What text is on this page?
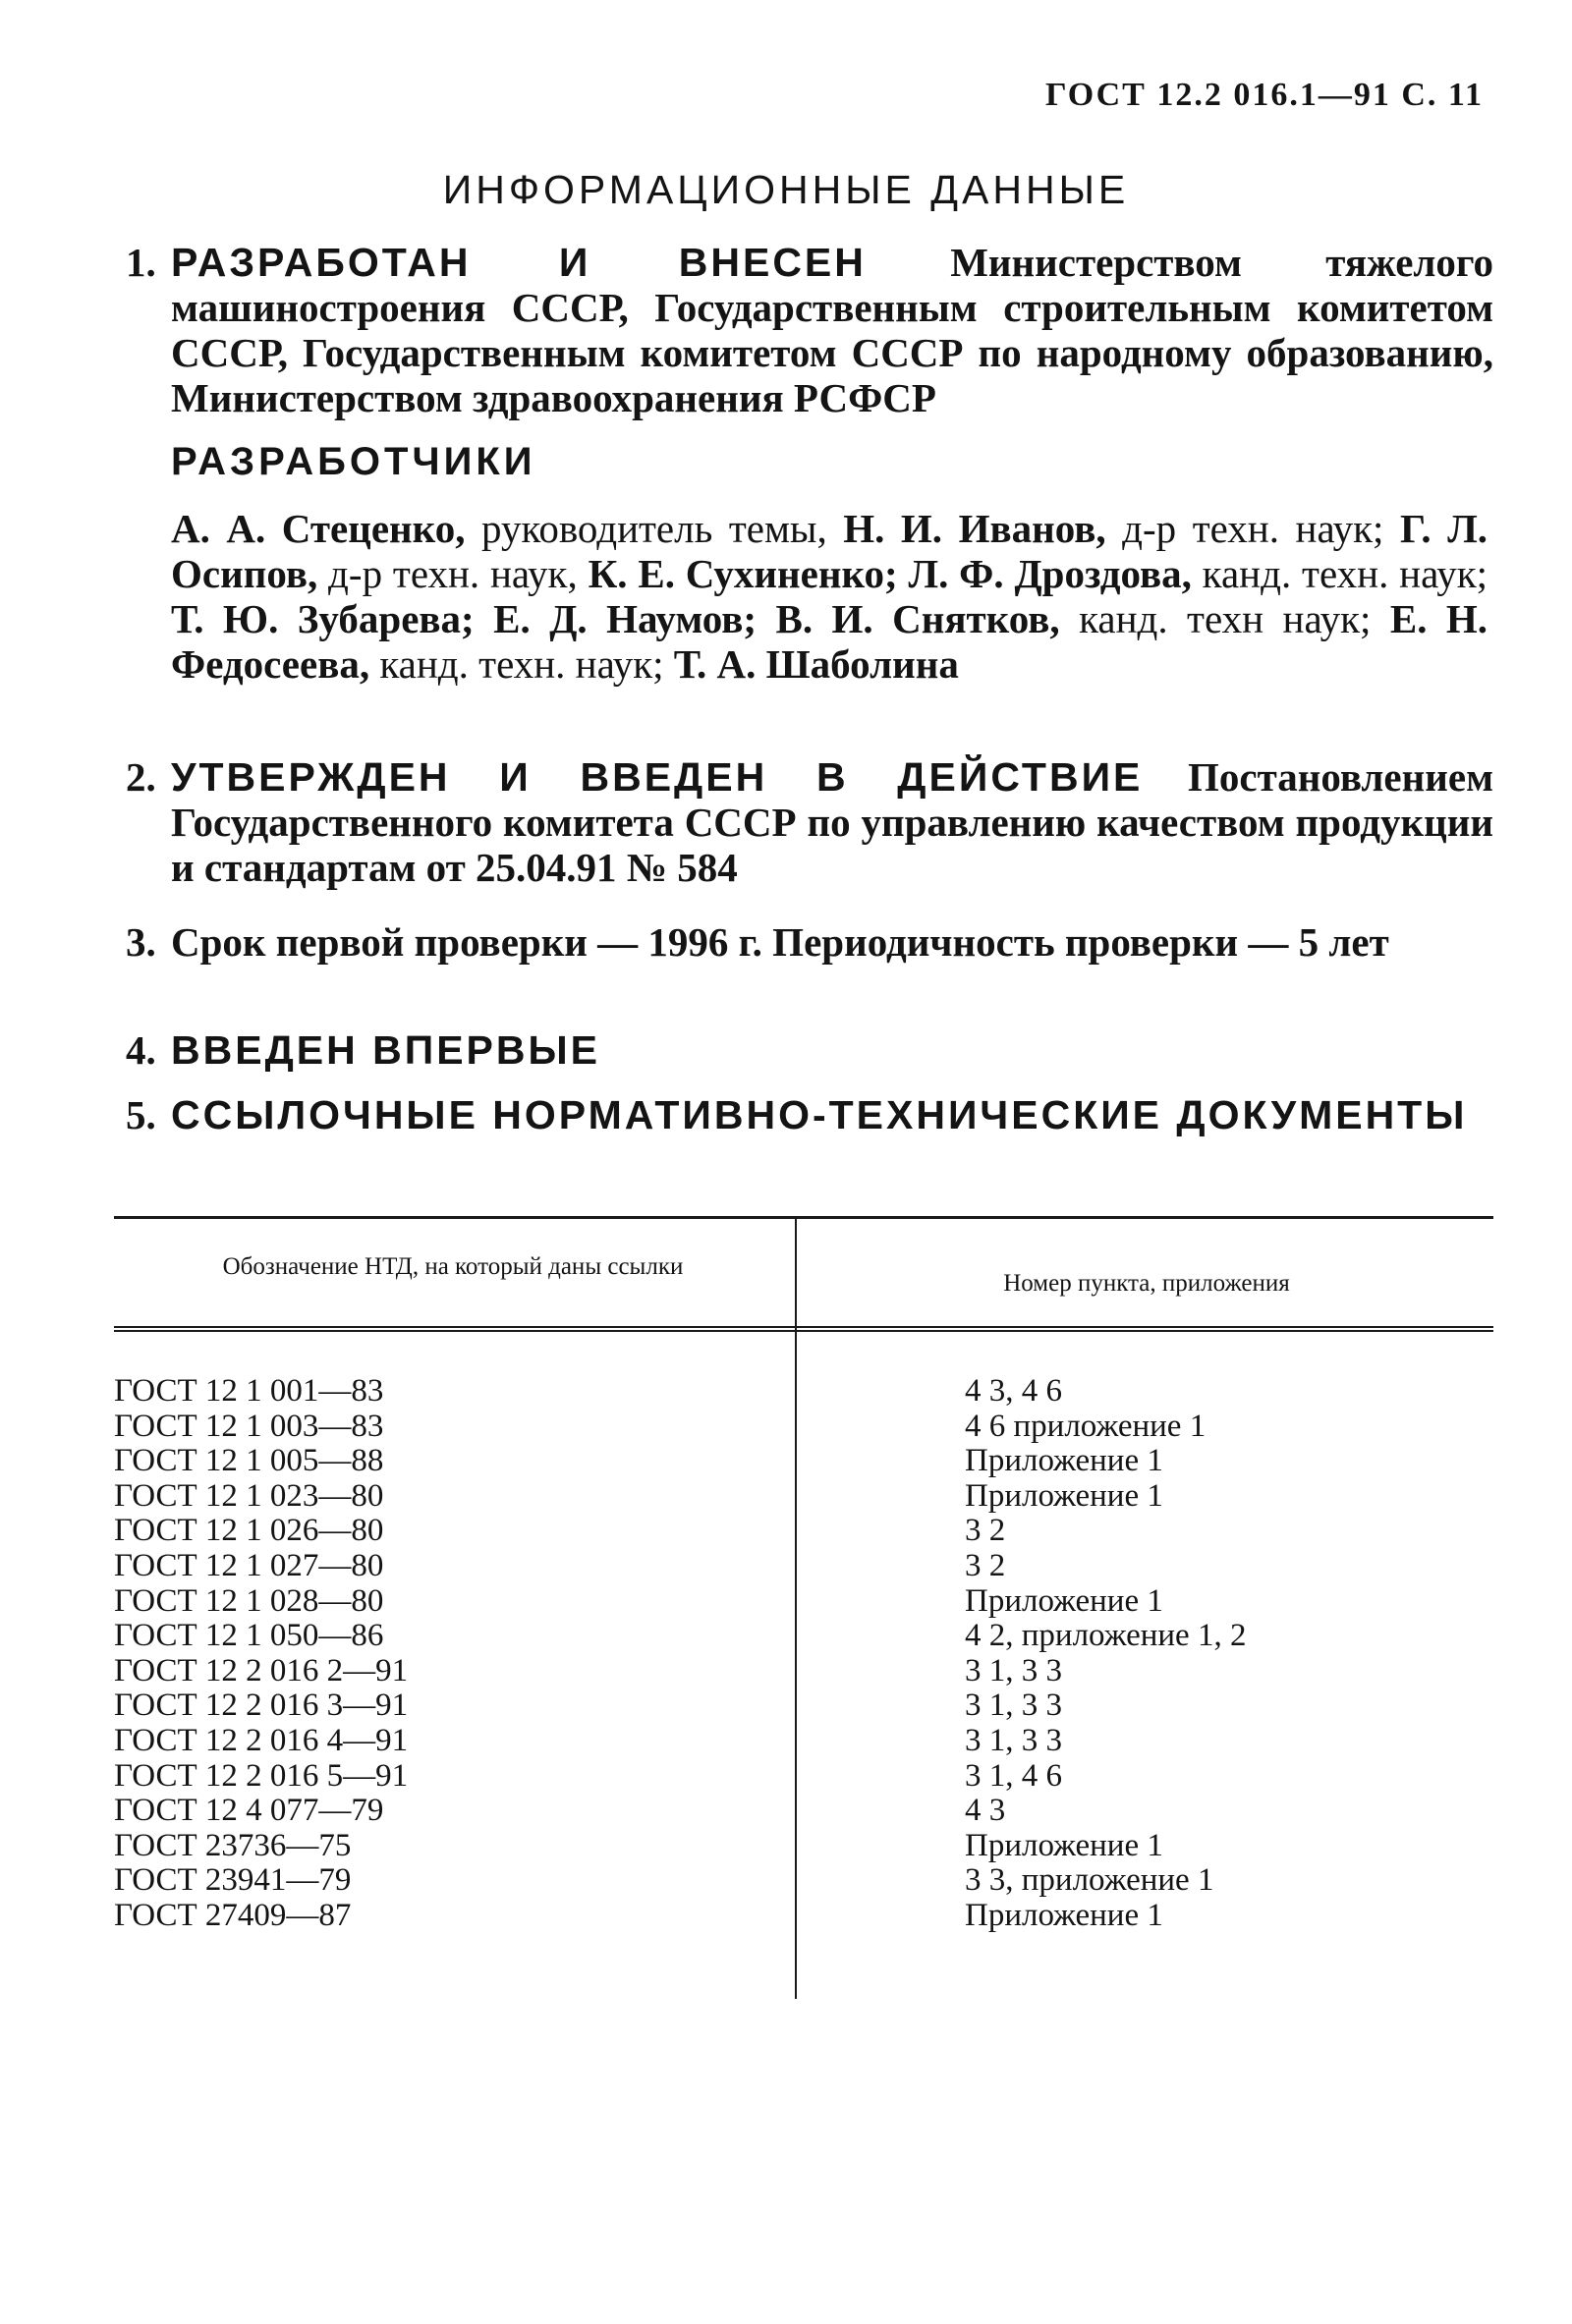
ГОСТ 12.2 016.1—91 С. 11
ИНФОРМАЦИОННЫЕ ДАННЫЕ
1. РАЗРАБОТАН И ВНЕСЕН Министерством тяжелого машиностроения СССР, Государственным строительным комитетом СССР, Государственным комитетом СССР по народному образованию, Министерством здравоохранения РСФСР
РАЗРАБОТЧИКИ
А. А. Стеценко, руководитель темы, Н. И. Иванов, д-р техн. наук; Г. Л. Осипов, д-р техн. наук, К. Е. Сухиненко; Л. Ф. Дроздова, канд. техн. наук; Т. Ю. Зубарева; Е. Д. Наумов; В. И. Снятков, канд. техн наук; Е. Н. Федосеева, канд. техн. наук; Т. А. Шаболина
2. УТВЕРЖДЕН И ВВЕДЕН В ДЕЙСТВИЕ Постановлением Государственного комитета СССР по управлению качеством продукции и стандартам от 25.04.91 № 584
3. Срок первой проверки — 1996 г. Периодичность проверки — 5 лет
4. ВВЕДЕН ВПЕРВЫЕ
5. ССЫЛОЧНЫЕ НОРМАТИВНО-ТЕХНИЧЕСКИЕ ДОКУМЕНТЫ
Обозначение НТД, на который даны ссылки
Номер пункта, приложения
ГОСТ 12 1 001—83	4 3, 4 6
ГОСТ 12 1 003—83	4 6 приложение 1
ГОСТ 12 1 005—88	Приложение 1
ГОСТ 12 1 023—80	Приложение 1
ГОСТ 12 1 026—80	3 2
ГОСТ 12 1 027—80	3 2
ГОСТ 12 1 028—80	Приложение 1
ГОСТ 12 1 050—86	4 2, приложение 1, 2
ГОСТ 12 2 016 2—91	3 1, 3 3
ГОСТ 12 2 016 3—91	3 1, 3 3
ГОСТ 12 2 016 4—91	3 1, 3 3
ГОСТ 12 2 016 5—91	3 1, 4 6
ГОСТ 12 4 077—79	4 3
ГОСТ 23736—75	Приложение 1
ГОСТ 23941—79	3 3, приложение 1
ГОСТ 27409—87	Приложение 1
